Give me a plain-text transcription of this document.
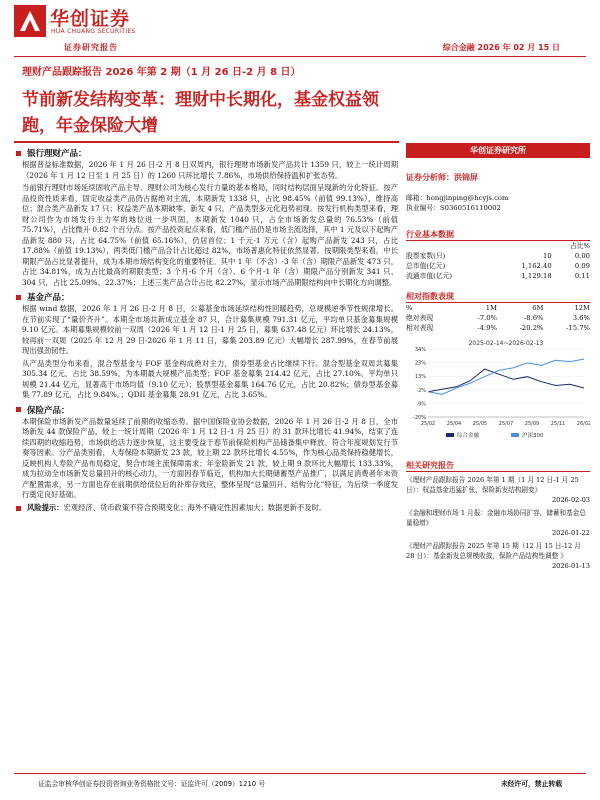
华创证券
HUA CHUANG SECURITIES
证券研究报告	综合金融 2026 年 02 月 15 日
理财产品跟踪报告 2026 年第 2 期（1 月 26 日-2 月 8 日）
节前新发结构变革：理财中长期化，基金权益领跑，年金保险大增
银行理财产品：

根据普益标准数据，2026 年 1 月 26 日-2 月 8 日双周内，银行理财市场新发产品共计 1359 只，较上一统计周期（2026 年 1 月 12 日至 1 月 25 日）的 1260 只环比增长 7.86%，市场供给保持温和扩张态势。

当前银行理财市场延续固收产品主导、理财公司为核心发行力量的基本格局，同时结构层面呈现新的分化特征。按产品投资性质来看，固定收益类产品仍占据绝对主流，本期新发 1338 只，占比 98.45%（前值 99.13%），维持高位；混合类产品新发 17 只；权益类产品本期破零，新发 4 只，产品类型多元化趋势初现。按发行机构类型来看，理财公司作为市场发行主力军的地位进一步巩固，本期新发 1040 只，占全市场新发总量的 76.53%（前值 75.71%），占比微升 0.82 个百分点。按产品投资起点来看，低门槛产品仍是市场主流选择，其中 1 元及以下起购产品新发 880 只，占比 64.75%（前值 65.16%），仍居首位；1 千元-1 万元（含）起购产品新发 243 只，占比 17.88%（前值 19.13%），两类低门槛产品合计占比超过 82%，市场普惠化特征依然显著。按期限类型来看，中长期限产品占比显著提升，成为本期市场结构变化的重要特征。其中 1 年（不含）-3 年（含）期限产品新发 473 只，占比 34.81%，成为占比最高的期限类型；3 个月-6 个月（含）、6 个月-1 年（含）期限产品分别新发 341 只、304 只，占比 25.09%、22.37%；上述三类产品合计占比 82.27%，显示市场产品期限结构向中长期化方向调整。

基金产品：

根据 wind 数据，2026 年 1 月 26 日-2 月 8 日，公募基金市场延续结构性回暖趋势，总规模逆季节性规律增长。在节前实现了“量价齐升”。本期全市场共新成立基金 87 只，合计募集规模 791.31 亿元，平均单只基金募集规模 9.10 亿元。本期募集规模较前一双周（2026 年 1 月 12 日-1 月 25 日，募集 637.48 亿元）环比增长 24.13%，较再前一双周（2025 年 12 月 29 日-2026 年 1 月 11 日，募集 203.89 亿元）大幅增长 287.99%，在春节前展现出强劲韧性。

从产品类型分布来看，混合型基金与 FOF 基金构成绝对主力，债券型基金占比继续下行。混合型基金双周共募集 305.34 亿元，占比 38.59%，为本期最大规模产品类型；FOF 基金募集 214.42 亿元，占比 27.10%，平均单只规模 21.44 亿元，显著高于市场均值（9.10 亿元）；股票型基金募集 164.76 亿元，占比 20.82%；债券型基金募集 77.89 亿元，占比 9.84%。；QDII 基金募集 28.91 亿元，占比 3.65%。

保险产品：

本期保险市场新发产品数量延续了前期的收缩态势。据中国保险业协会数据，2026 年 1 月 26 日-2 月 8 日，全市场新发 44 款保险产品，较上一统计周期（2026 年 1 月 12 日-1 月 25 日）的 31 款环比增长 41.94%，结束了连续四期的收缩趋势，市场供给活力逐步恢复，这主要受益于春节前保险机构产品储备集中释放、符合年度规划发行节奏等因素。分产品类别看，人寿保险本期新发 23 款，较上期 22 款环比增长 4.55%，作为核心品类保持稳健增长，反映机构人寿险产品布局稳定，契合市场主流保障需求；年金险新发 21 款，较上期 9 款环比大幅增长 133.33%，成为拉动全市场新发总量回升的核心动力，一方面因春节临近，机构加大长期储蓄型产品推广，以满足消费者年末资产配置需求，另一方面也存在前期供给低位后的补库存效应，整体呈现“总量回升、结构分化”特征，为后续一季度发行奠定良好基础。

风险提示：宏观经济、货币政策不符合预期变化；海外不确定性因素加大；数据更新不及时。
华创证券研究所
证券分析师：洪锦屏
邮箱：hongjinping@hcyjs.com
执业编号：S0360516110002
行业基本数据
		占比%
股票家数(只)	10	0.00
总市值(亿元)	1,162.40	0.09
流通市值(亿元)	1,129.18	0.11
相对指数表现
%	1M	6M	12M
绝对表现	-7.0%	-8.6%	3.6%
相对表现	-4.9%	-20.2%	-15.7%
2025-02-14~2026-02-13
34%
23%
13%
2%
-9%
-20%
25/02 25/04 25/05 25/07 25/09 25/11 26/02
综合金融	沪深300
相关研究报告
《理财产品跟踪报告 2026 年第 1 期（1 月 12 日-1 月 25 日）：权益基金迅猛扩张，保险新发结构剧变》
2026-02-03
《金融和理财市场 1 月报：金融市场协同扩容，储蓄和基金总量稳增》
2026-01-22
《理财产品跟踪报告 2025 年第 15 期（12 月 15 日-12 月 28 日）：基金新发总规模收敛，保险产品结构性调整 》
2026-01-13
证监会审核华创证券投资咨询业务资格批文号：证监许可（2009）1210 号	未经许可，禁止转载
